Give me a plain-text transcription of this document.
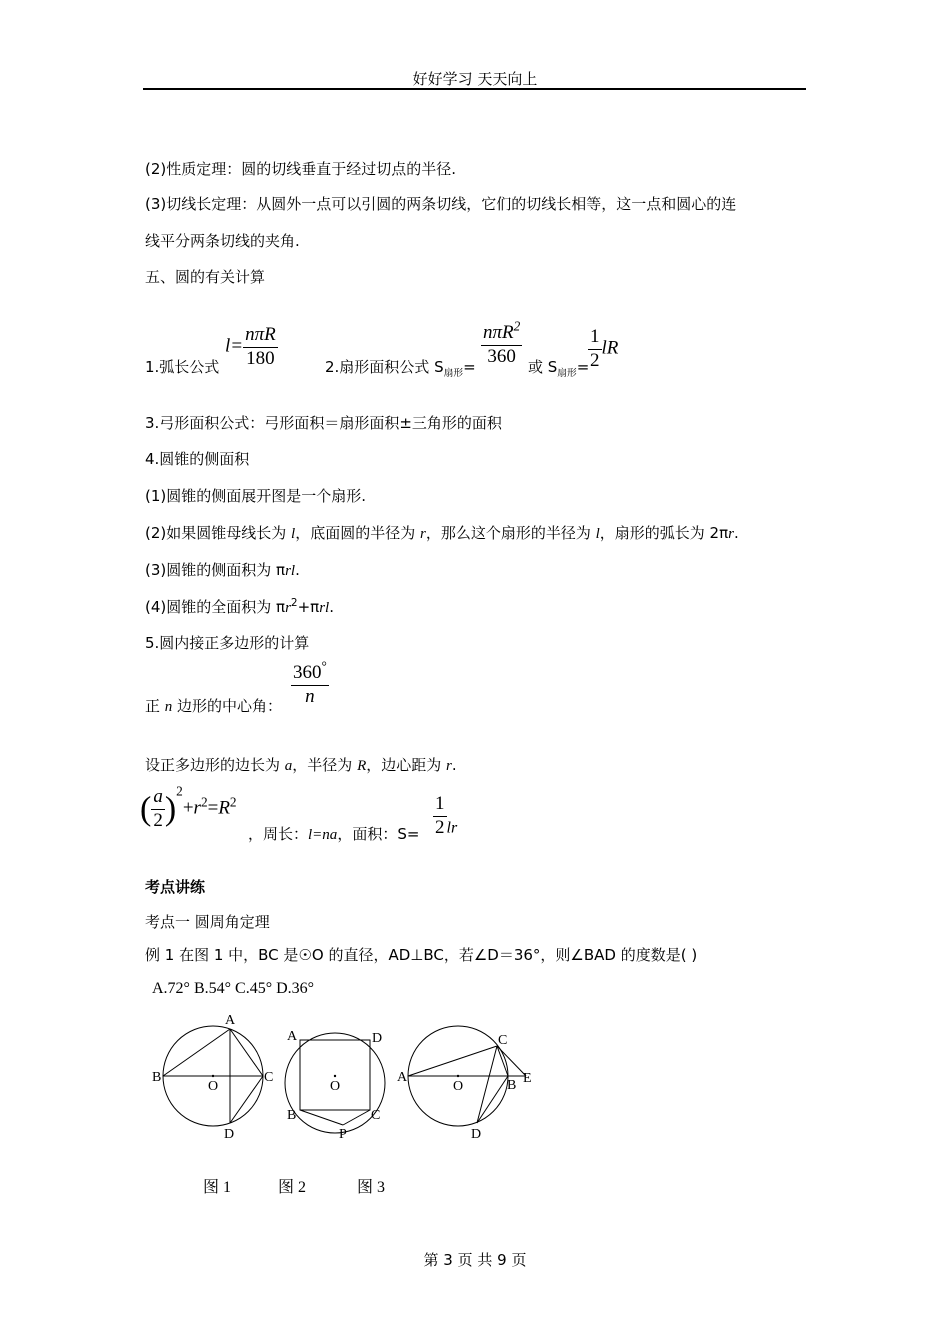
好好学习 天天向上
(2)性质定理：圆的切线垂直于经过切点的半径.
(3)切线长定理：从圆外一点可以引圆的两条切线，它们的切线长相等，这一点和圆心的连
线平分两条切线的夹角.
五、圆的有关计算
1.弧长公式
$l= \frac{\text{nπR}}{180}$	2.扇形面积公式 $S_{扇形}= \frac{n\pi R^2}{360}$ 或 $S_{扇形}=$
$\frac{1}{2}$ lR
3.弓形面积公式：弓形面积＝扇形面积±三角形的面积
4.圆锥的侧面积
(1)圆锥的侧面展开图是一个扇形.
(2)如果圆锥母线长为 l，底面圆的半径为 r，那么这个扇形的半径为 l，扇形的弧长为 2πr.
(3)圆锥的侧面积为 πrl.
(4)圆锥的全面积为 $\pi r^2+\pi rl$.
5.圆内接正多边形的计算
正 n 边形的中心角： $\frac{360^\circ}{n}$
设正多边形的边长为 a，半径为 R，边心距为 r.
( $\frac{a}{2} )^2+r^2=R^2$
，周长：l=na，面积：$S= \frac{1}{2} _{lr}$
考点讲练
考点一 圆周角定理
例 1 在图 1 中，BC 是☉O 的直径，AD⊥BC，若∠D＝36°，则∠BAD 的度数是( )
A.72° B.54° C.45° D.36°
A
B	C
D
O
A	D
B	C
O
P
A
C
B E
O
D
图 1	图 2	图 3
第 3 页 共 9 页
